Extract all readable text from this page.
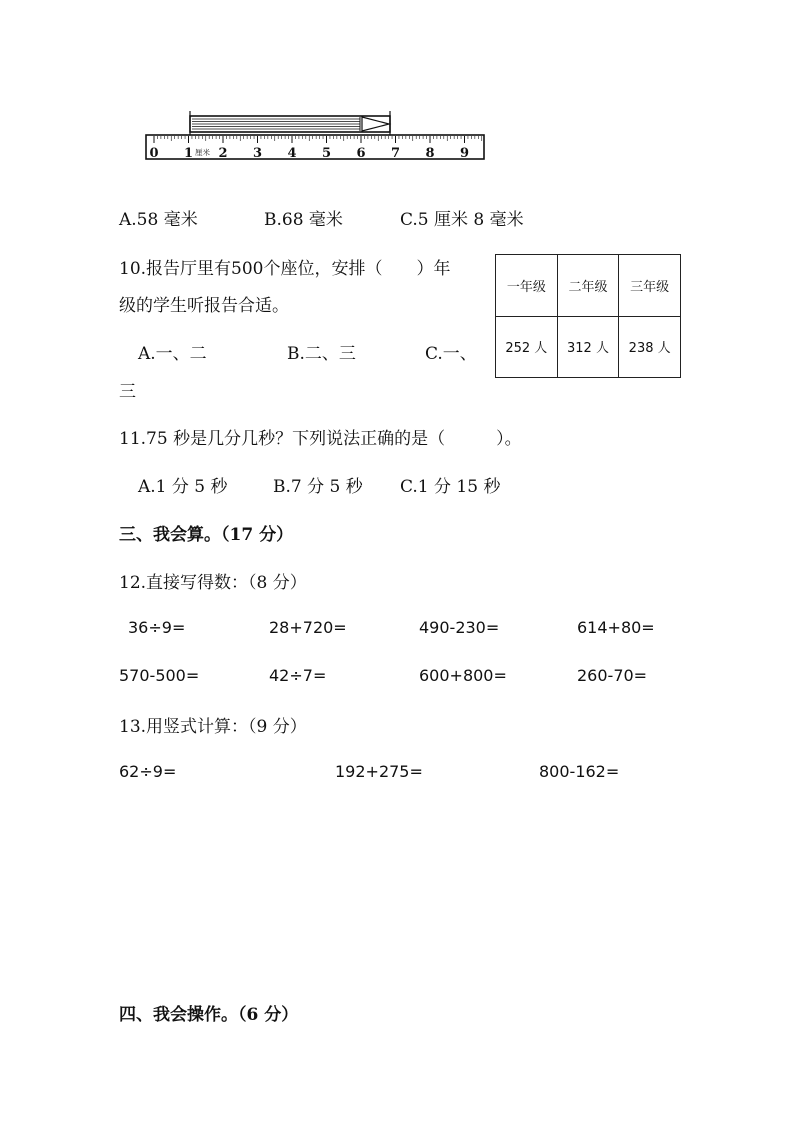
0 1 2 3 4 5 6 7 8 9
厘米
A.58 毫米	B.68 毫米	C.5 厘米 8 毫米
10.报告厅里有500个座位，安排（　　）年
级的学生听报告合适。
A.一、二	B.二、三	C.一、
三
一年级	二年级	三年级
252 人	312 人	238 人
11.75 秒是几分几秒？下列说法正确的是（　　　）。
A.1 分 5 秒	B.7 分 5 秒 C.1 分 15 秒
三、我会算。（17 分）
12.直接写得数：（8 分）
36÷9=	28+720=	490-230=	614+80=
570-500=	42÷7=	600+800=	260-70=
13.用竖式计算：（9 分）
62÷9=	192+275=	800-162=
四、我会操作。（6 分）
